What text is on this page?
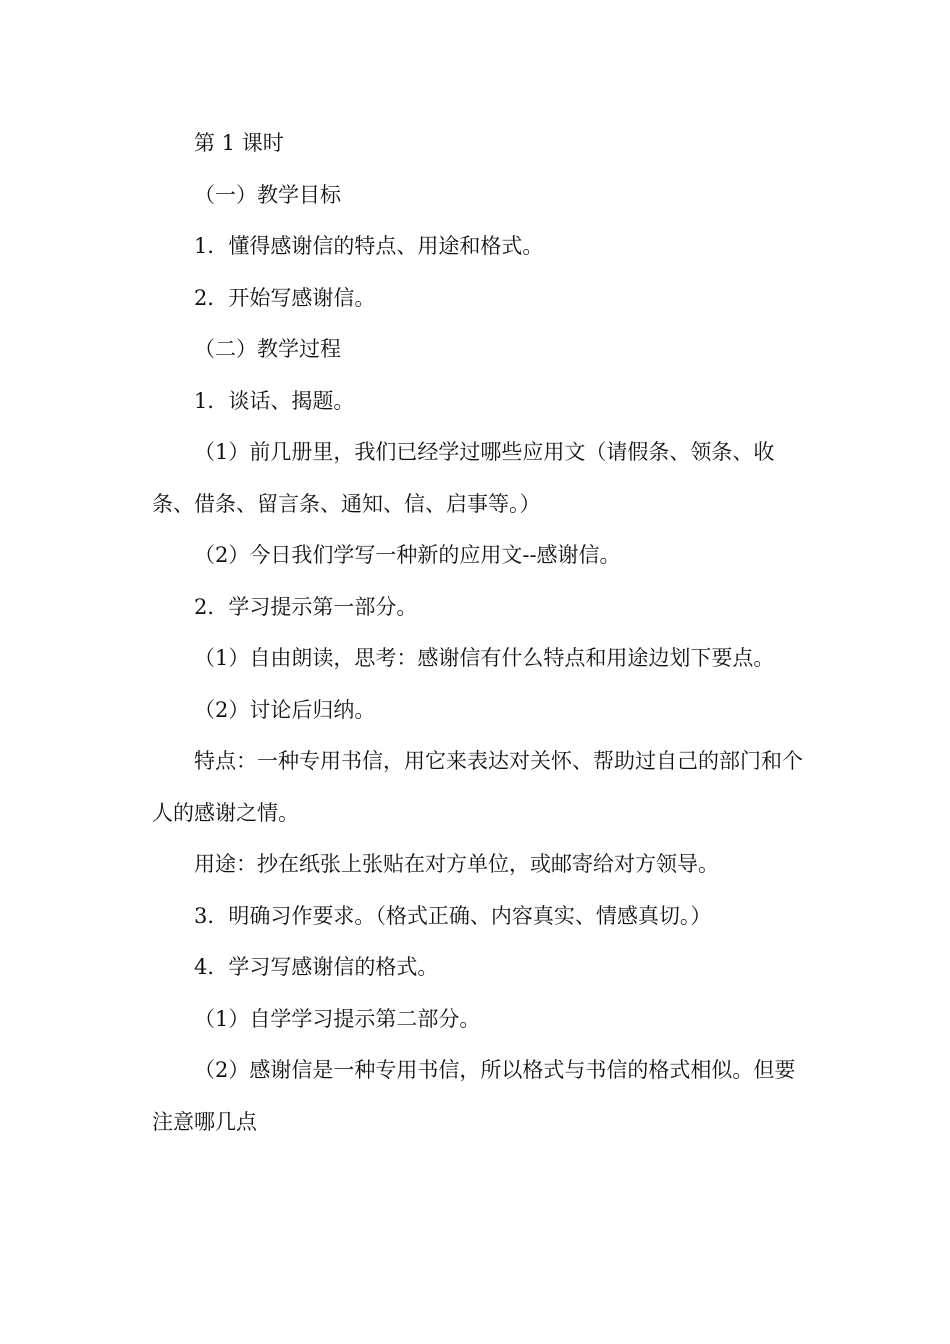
第 1 课时

（一）教学目标

1．懂得感谢信的特点、用途和格式。

2．开始写感谢信。

（二）教学过程

1．谈话、揭题。

（1）前几册里，我们已经学过哪些应用文（请假条、领条、收条、借条、留言条、通知、信、启事等。）

（2）今日我们学写一种新的应用文--感谢信。

2．学习提示第一部分。

（1）自由朗读，思考：感谢信有什么特点和用途边划下要点。

（2）讨论后归纳。

特点：一种专用书信，用它来表达对关怀、帮助过自己的部门和个人的感谢之情。

用途：抄在纸张上张贴在对方单位，或邮寄给对方领导。

3．明确习作要求。（格式正确、内容真实、情感真切。）

4．学习写感谢信的格式。

（1）自学学习提示第二部分。

（2）感谢信是一种专用书信，所以格式与书信的格式相似。但要注意哪几点
